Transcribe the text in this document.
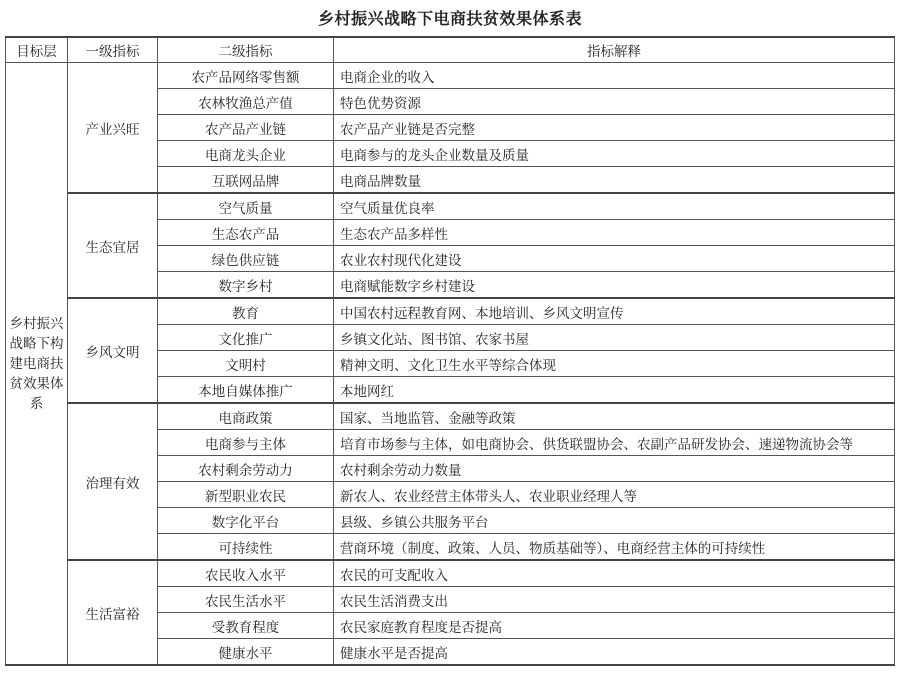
乡村振兴战略下电商扶贫效果体系表
目标层	一级指标	二级指标	指标解释

乡村振兴
战略下构
建电商扶
贫效果体
系	产业兴旺	农产品网络零售额	电商企业的收入
		农林牧渔总产值	特色优势资源
		农产品产业链	农产品产业链是否完整
		电商龙头企业	电商参与的龙头企业数量及质量
		互联网品牌	电商品牌数量
	生态宜居	空气质量	空气质量优良率
		生态农产品	生态农产品多样性
		绿色供应链	农业农村现代化建设
		数字乡村	电商赋能数字乡村建设
	乡风文明	教育	中国农村远程教育网、本地培训、乡风文明宣传
		文化推广	乡镇文化站、图书馆、农家书屋
		文明村	精神文明、文化卫生水平等综合体现
		本地自媒体推广	本地网红
	治理有效	电商政策	国家、当地监管、金融等政策
		电商参与主体	培育市场参与主体，如电商协会、供货联盟协会、农副产品研发协会、速递物流协会等
		农村剩余劳动力	农村剩余劳动力数量
		新型职业农民	新农人、农业经营主体带头人、农业职业经理人等
		数字化平台	县级、乡镇公共服务平台
		可持续性	营商环境（制度、政策、人员、物质基础等）、电商经营主体的可持续性
	生活富裕	农民收入水平	农民的可支配收入
		农民生活水平	农民生活消费支出
		受教育程度	农民家庭教育程度是否提高
		健康水平	健康水平是否提高
